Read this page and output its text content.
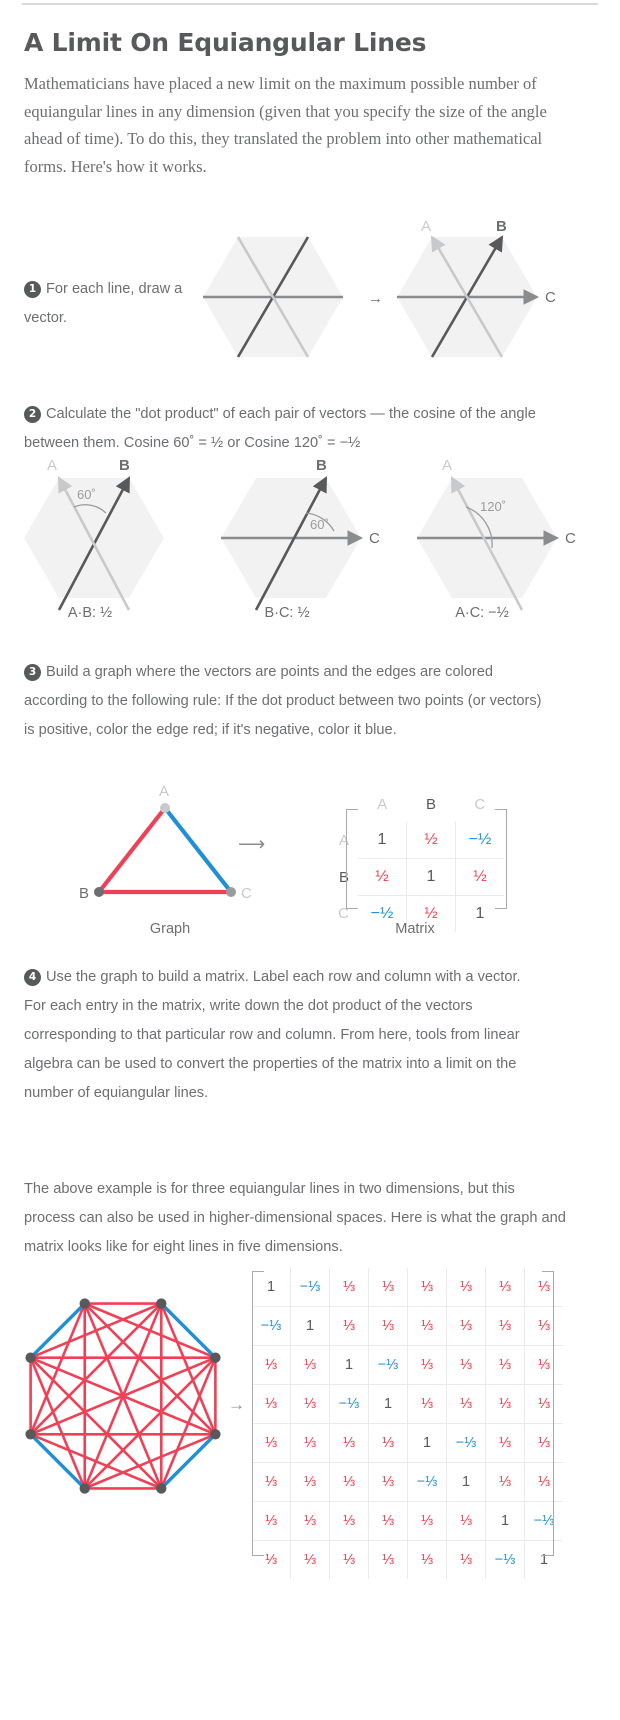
A Limit On Equiangular Lines
Mathematicians have placed a new limit on the maximum possible number of equiangular lines in any dimension (given that you specify the size of the angle ahead of time). To do this, they translated the problem into other mathematical forms. Here's how it works.
1 For each line, draw a vector.
→
A	B
C
2 Calculate the "dot product" of each pair of vectors — the cosine of the angle between them. Cosine 60˚ = ½ or Cosine 120˚ = −½
A	B
60˚
B
C
60˚
A
C
120˚
A·B: ½	B·C: ½	A·C: −½
3 Build a graph where the vectors are points and the edges are colored according to the following rule: If the dot product between two points (or vectors) is positive, color the edge red; if it's negative, color it blue.
A
B	C
⟶
Graph
	A	B	C
A	1	½	−½
B	½	1	½
C	−½	½	1
Matrix
4 Use the graph to build a matrix. Label each row and column with a vector. For each entry in the matrix, write down the dot product of the vectors corresponding to that particular row and column. From here, tools from linear algebra can be used to convert the properties of the matrix into a limit on the number of equiangular lines.
The above example is for three equiangular lines in two dimensions, but this process can also be used in higher-dimensional spaces. Here is what the graph and matrix looks like for eight lines in five dimensions.
→
1	−⅓	⅓	⅓	⅓	⅓	⅓	⅓
−⅓	1	⅓	⅓	⅓	⅓	⅓	⅓
⅓	⅓	1	−⅓	⅓	⅓	⅓	⅓
⅓	⅓	−⅓	1	⅓	⅓	⅓	⅓
⅓	⅓	⅓	⅓	1	−⅓	⅓	⅓
⅓	⅓	⅓	⅓	−⅓	1	⅓	⅓
⅓	⅓	⅓	⅓	⅓	⅓	1	−⅓
⅓	⅓	⅓	⅓	⅓	⅓	−⅓	1
